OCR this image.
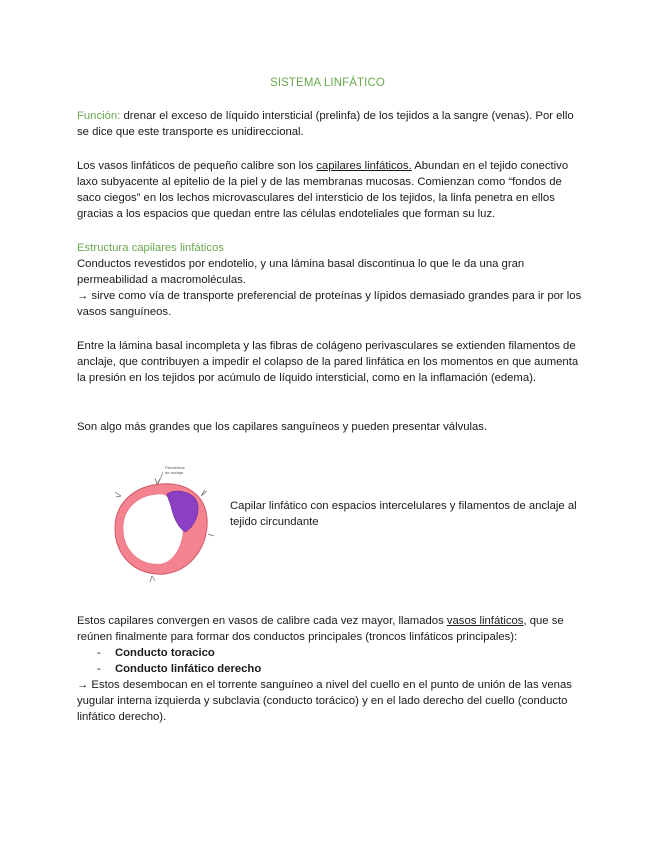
SISTEMA LINFÁTICO
Función: drenar el exceso de líquido intersticial (prelinfa) de los tejidos a la sangre (venas). Por ello se dice que este transporte es unidireccional.
Los vasos linfáticos de pequeño calibre son los capilares linfáticos. Abundan en el tejido conectivo laxo subyacente al epitelio de la piel y de las membranas mucosas. Comienzan como “fondos de saco ciegos” en los lechos microvasculares del intersticio de los tejidos, la linfa penetra en ellos gracias a los espacios que quedan entre las células endoteliales que forman su luz.
Estructura capilares linfáticos
Conductos revestidos por endotelio, y una lámina basal discontinua lo que le da una gran permeabilidad a macromoléculas.
→ sirve como vía de transporte preferencial de proteínas y lípidos demasiado grandes para ir por los vasos sanguíneos.
Entre la lámina basal incompleta y las fibras de colágeno perivasculares se extienden filamentos de anclaje, que contribuyen a impedir el colapso de la pared linfática en los momentos en que aumenta la presión en los tejidos por acúmulo de líquido intersticial, como en la inflamación (edema).
Son algo más grandes que los capilares sanguíneos y pueden presentar válvulas.
Filamentos
de anclaje
Capilar linfático con espacios intercelulares y filamentos de anclaje al tejido circundante
Estos capilares convergen en vasos de calibre cada vez mayor, llamados vasos linfáticos, que se reúnen finalmente para formar dos conductos principales (troncos linfáticos principales):
- Conducto toracico
- Conducto linfático derecho
→ Estos desembocan en el torrente sanguíneo a nivel del cuello en el punto de unión de las venas yugular interna izquierda y subclavia (conducto torácico) y en el lado derecho del cuello (conducto linfático derecho).
